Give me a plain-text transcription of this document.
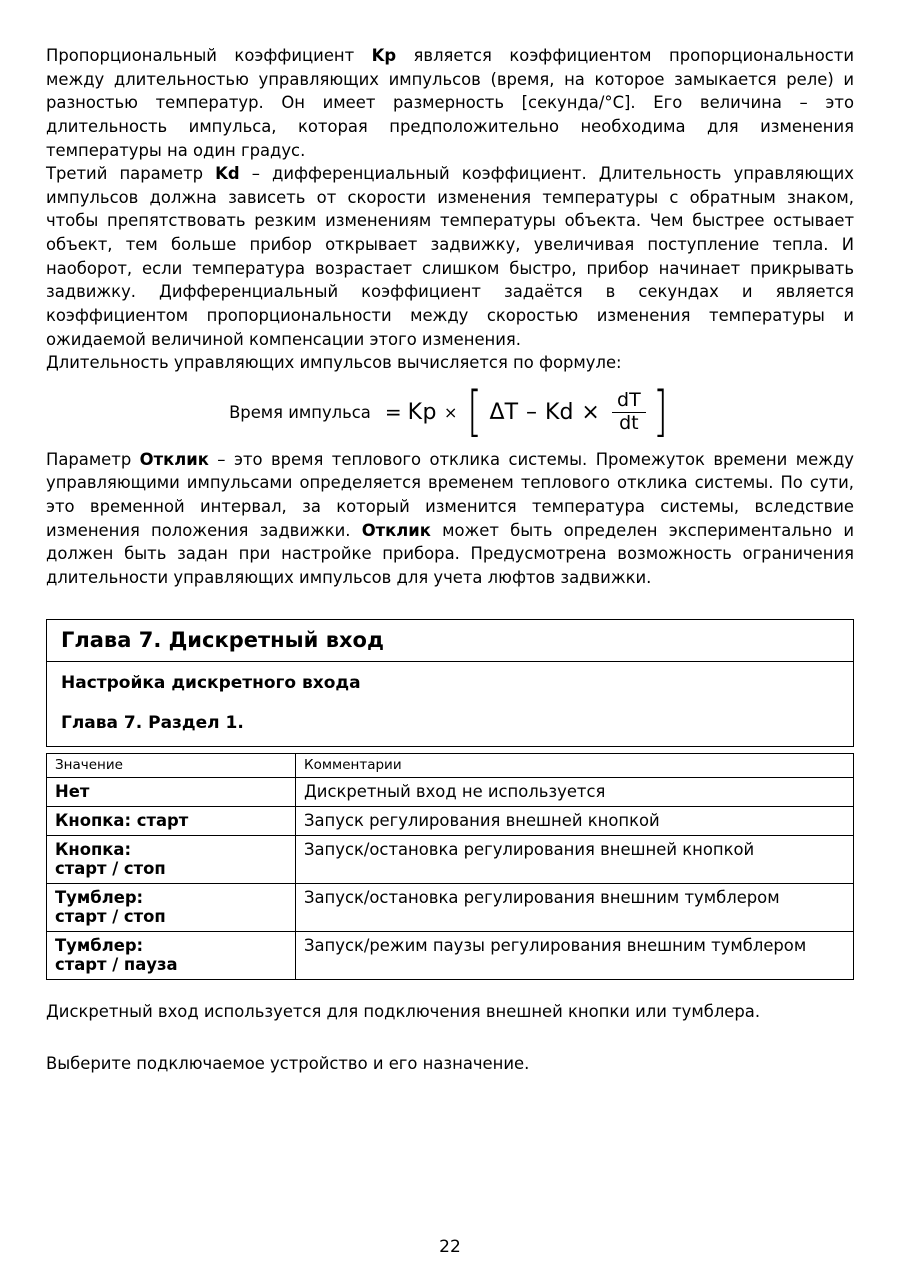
Пропорциональный коэффициент Kp является коэффициентом пропорциональности между длительностью управляющих импульсов (время, на которое замыкается реле) и разностью температур. Он имеет размерность [секунда/°C]. Его величина – это длительность импульса, которая предположительно необходима для изменения температуры на один градус.

Третий параметр Kd – дифференциальный коэффициент. Длительность управляющих импульсов должна зависеть от скорости изменения температуры с обратным знаком, чтобы препятствовать резким изменениям температуры объекта. Чем быстрее остывает объект, тем больше прибор открывает задвижку, увеличивая поступление тепла. И наоборот, если температура возрастает слишком быстро, прибор начинает прикрывать задвижку. Дифференциальный коэффициент задаётся в секундах и является коэффициентом пропорциональности между скоростью изменения температуры и ожидаемой величиной компенсации этого изменения.

Длительность управляющих импульсов вычисляется по формуле:

Время импульса = Kp × [ $\Delta T - Kd \times \frac{dT}{dt}$ ]

Параметр Отклик – это время теплового отклика системы. Промежуток времени между управляющими импульсами определяется временем теплового отклика системы. По сути, это временной интервал, за который изменится температура системы, вследствие изменения положения задвижки. Отклик может быть определен экспериментально и должен быть задан при настройке прибора. Предусмотрена возможность ограничения длительности управляющих импульсов для учета люфтов задвижки.

Глава 7. Дискретный вход
Настройка дискретного входа
Глава 7. Раздел 1.
Значение	Комментарии

Нет	Дискретный вход не используется

Кнопка: старт	Запуск регулирования внешней кнопкой

Кнопка:
старт / стоп	Запуск/остановка регулирования внешней кнопкой

Тумблер:
старт / стоп	Запуск/остановка регулирования внешним тумблером

Тумблер:
старт / пауза	Запуск/режим паузы регулирования внешним тумблером
Дискретный вход используется для подключения внешней кнопки или тумблера.
Выберите подключаемое устройство и его назначение.
22
